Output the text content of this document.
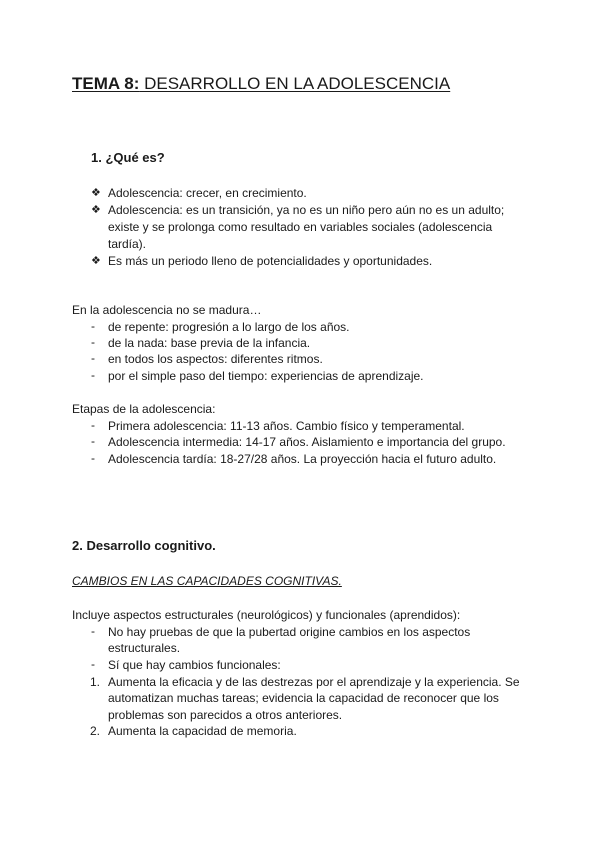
TEMA 8: DESARROLLO EN LA ADOLESCENCIA
1. ¿Qué es?
❖ Adolescencia: crecer, en crecimiento.
❖ Adolescencia: es un transición, ya no es un niño pero aún no es un adulto;
existe y se prolonga como resultado en variables sociales (adolescencia
tardía).
❖ Es más un periodo lleno de potencialidades y oportunidades.
En la adolescencia no se madura…
- de repente: progresión a lo largo de los años.
- de la nada: base previa de la infancia.
- en todos los aspectos: diferentes ritmos.
- por el simple paso del tiempo: experiencias de aprendizaje.
Etapas de la adolescencia:
- Primera adolescencia: 11-13 años. Cambio físico y temperamental.
- Adolescencia intermedia: 14-17 años. Aislamiento e importancia del grupo.
- Adolescencia tardía: 18-27/28 años. La proyección hacia el futuro adulto.
2. Desarrollo cognitivo.
CAMBIOS EN LAS CAPACIDADES COGNITIVAS.
Incluye aspectos estructurales (neurológicos) y funcionales (aprendidos):
- No hay pruebas de que la pubertad origine cambios en los aspectos
estructurales.
- Sí que hay cambios funcionales:
1. Aumenta la eficacia y de las destrezas por el aprendizaje y la experiencia. Se
automatizan muchas tareas; evidencia la capacidad de reconocer que los
problemas son parecidos a otros anteriores.
2. Aumenta la capacidad de memoria.
